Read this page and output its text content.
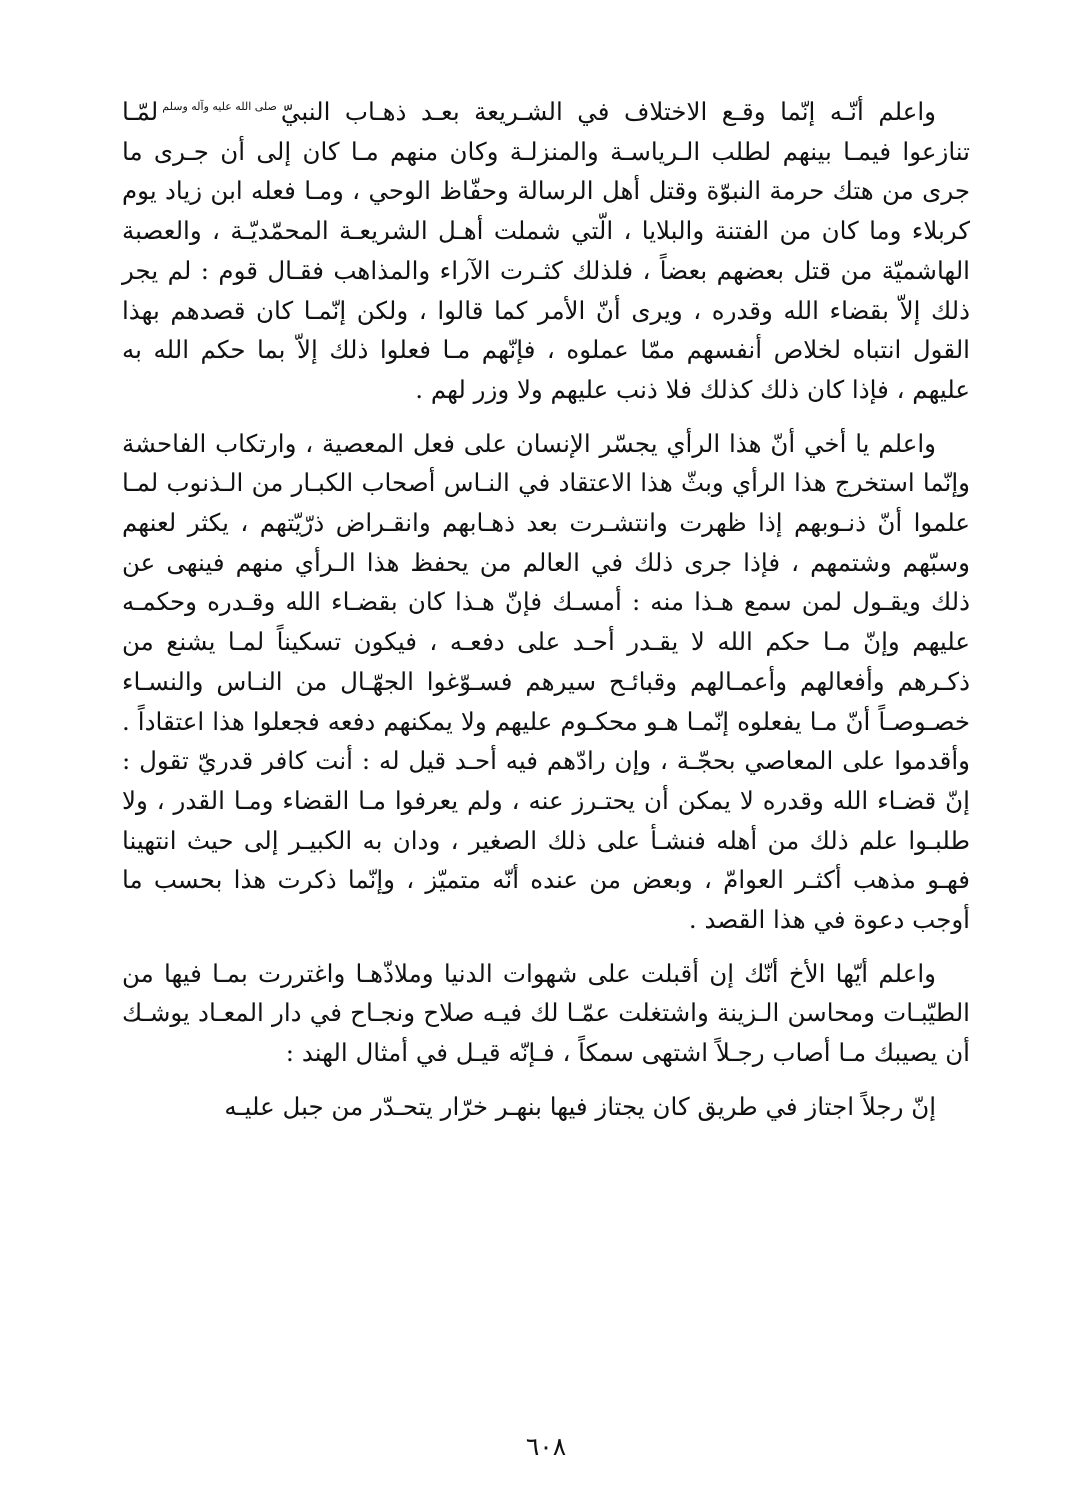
واعلم أنّـه إنّما وقـع الاختلاف في الشـريعة بعـد ذهـاب النبيّصلى الله عليه وآله وسلملمّـا تنازعوا فيمـا بينهم لطلب الـرياسـة والمنزلـة وكان منهم مـا كان إلى أن جـرى ما جرى من هتك حرمة النبوّة وقتل أهل الرسالة وحفّاظ الوحي ، ومـا فعله ابن زياد يوم كربلاء وما كان من الفتنة والبلايا ، الّتي شملت أهـل الشريعـة المحمّديّـة ، والعصبة الهاشميّة من قتل بعضهم بعضاً ، فلذلك كثـرت الآراء والمذاهب فقـال قوم : لم يجر ذلك إلاّ بقضاء الله وقدره ، ويرى أنّ الأمر كما قالوا ، ولكن إنّمـا كان قصدهم بهذا القول انتباه لخلاص أنفسهم ممّا عملوه ، فإنّهم مـا فعلوا ذلك إلاّ بما حكم الله به عليهم ، فإذا كان ذلك كذلك فلا ذنب عليهم ولا وزر لهم .

واعلم يا أخي أنّ هذا الرأي يجسّر الإنسان على فعل المعصية ، وارتكاب الفاحشة وإنّما استخرج هذا الرأي وبثّ هذا الاعتقاد في النـاس أصحاب الكبـار من الـذنوب لمـا علموا أنّ ذنـوبهم إذا ظهرت وانتشـرت بعد ذهـابهم وانقـراض ذرّيّتهم ، يكثر لعنهم وسبّهم وشتمهم ، فإذا جرى ذلك في العالم من يحفظ هذا الـرأي منهم فينهى عن ذلك ويقـول لمن سمع هـذا منه : أمسـك فإنّ هـذا كان بقضـاء الله وقـدره وحكمـه عليهم وإنّ مـا حكم الله لا يقـدر أحـد على دفعـه ، فيكون تسكيناً لمـا يشنع من ذكـرهم وأفعالهم وأعمـالهم وقبائـح سيرهم فسـوّغوا الجهّـال من النـاس والنسـاء خصـوصـاً أنّ مـا يفعلوه إنّمـا هـو محكـوم عليهم ولا يمكنهم دفعه فجعلوا هذا اعتقاداً . وأقدموا على المعاصي بحجّـة ، وإن رادّهم فيه أحـد قيل له : أنت كافر قدريّ تقول : إنّ قضـاء الله وقدره لا يمكن أن يحتـرز عنه ، ولم يعرفوا مـا القضاء ومـا القدر ، ولا طلبـوا علم ذلك من أهله فنشـأ على ذلك الصغير ، ودان به الكبيـر إلى حيث انتهينا فهـو مذهب أكثـر العوامّ ، وبعض من عنده أنّه متميّز ، وإنّما ذكرت هذا بحسب ما أوجب دعوة في هذا القصد .

واعلم أيّها الأخ أنّك إن أقبلت على شهوات الدنيا وملاذّهـا واغتررت بمـا فيها من الطيّبـات ومحاسن الـزينة واشتغلت عمّـا لك فيـه صلاح ونجـاح في دار المعـاد يوشـك أن يصيبك مـا أصاب رجـلاً اشتهى سمكاً ، فـإنّه قيـل في أمثال الهند :

إنّ رجلاً اجتاز في طريق كان يجتاز فيها بنهـر خرّار يتحـدّر من جبل عليـه

٦٠٨
